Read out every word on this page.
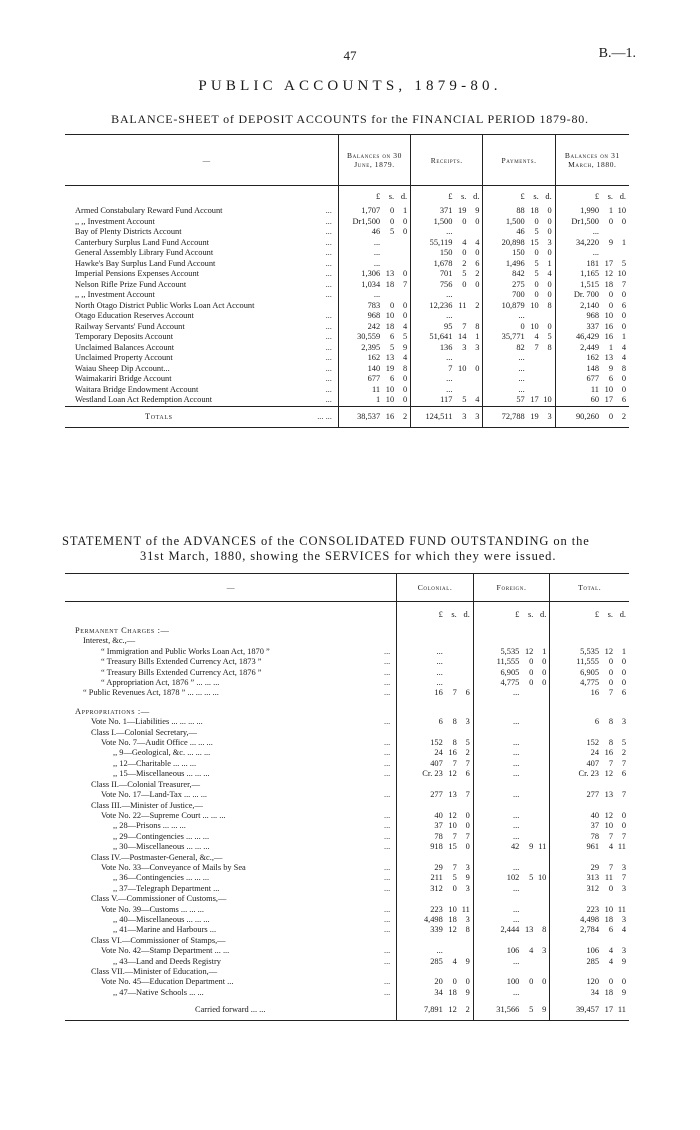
47	B.—1.
PUBLIC ACCOUNTS, 1879-80.
BALANCE-SHEET of DEPOSIT ACCOUNTS for the FINANCIAL PERIOD 1879-80.
—	Balances on 30 June, 1879.	Receipts.	Payments.	Balances on 31 March, 1880.

	£ s. d.	£ s. d.	£ s. d.	£ s. d.

Armed Constabulary Reward Fund Account ...	1,707 0 1	371 19 9	88 18 0	1,990 1 10

,, ,, Investment Account ...	Dr1,500 0 0	1,500 0 0	1,500 0 0	Dr1,500 0 0

Bay of Plenty Districts Account ...	46 5 0	...	46 5 0	...

Canterbury Surplus Land Fund Account ...	...	55,119 4 4	20,898 15 3	34,220 9 1

General Assembly Library Fund Account ...	...	150 0 0	150 0 0	...

Hawke's Bay Surplus Land Fund Account ...	...	1,678 2 6	1,496 5 1	181 17 5

Imperial Pensions Expenses Account ...	1,306 13 0	701 5 2	842 5 4	1,165 12 10

Nelson Rifle Prize Fund Account ...	1,034 18 7	756 0 0	275 0 0	1,515 18 7

,, ,, Investment Account ...	...	...	700 0 0	Dr. 700 0 0

North Otago District Public Works Loan Act Account	783 0 0	12,236 11 2	10,879 10 8	2,140 0 6

Otago Education Reserves Account ...	968 10 0	...	...	968 10 0

Railway Servants' Fund Account ...	242 18 4	95 7 8	0 10 0	337 16 0

Temporary Deposits Account ...	30,559 6 5	51,641 14 1	35,771 4 5	46,429 16 1

Unclaimed Balances Account ...	2,395 5 9	136 3 3	82 7 8	2,449 1 4

Unclaimed Property Account ...	162 13 4	...	...	162 13 4

Waiau Sheep Dip Account... ...	140 19 8	7 10 0	...	148 9 8

Waimakariri Bridge Account ...	677 6 0	...	...	677 6 0

Waitara Bridge Endowment Account ...	11 10 0	...	...	11 10 0

Westland Loan Act Redemption Account ...	1 10 0	117 5 4	57 17 10	60 17 6

Totals ... ...	38,537 16 2	124,511 3 3	72,788 19 3	90,260 0 2
STATEMENT of the ADVANCES of the CONSOLIDATED FUND OUTSTANDING on the
31st March, 1880, showing the SERVICES for which they were issued.
—	Colonial.	Foreign.	Total.

	£ s. d.	£ s. d.	£ s. d.

Permanent Charges :—			

Interest, &c.,—			

“ Immigration and Public Works Loan Act, 1870 ” ...	...	5,535 12 1	5,535 12 1

“ Treasury Bills Extended Currency Act, 1873 ” ...	...	11,555 0 0	11,555 0 0

“ Treasury Bills Extended Currency Act, 1876 ” ...	...	6,905 0 0	6,905 0 0

“ Appropriation Act, 1876 ” ... ... ... ...	...	4,775 0 0	4,775 0 0

“ Public Revenues Act, 1878 ” ... ... ... ... ...	16 7 6	...	16 7 6

Appropriations :—			

Vote No. 1—Liabilities ... ... ... ... ...	6 8 3	...	6 8 3

Class I.—Colonial Secretary,—			

Vote No. 7—Audit Office ... ... ... ...	152 8 5	...	152 8 5

,, 9—Geological, &c. ... ... ... ...	24 16 2	...	24 16 2

,, 12—Charitable ... ... ... ...	407 7 7	...	407 7 7

,, 15—Miscellaneous ... ... ... ...	Cr. 23 12 6	...	Cr. 23 12 6

Class II.—Colonial Treasurer,—			

Vote No. 17—Land-Tax ... ... ... ...	277 13 7	...	277 13 7

Class III.—Minister of Justice,—			

Vote No. 22—Supreme Court ... ... ... ...	40 12 0	...	40 12 0

,, 28—Prisons ... ... ... ...	37 10 0	...	37 10 0

,, 29—Contingencies ... ... ... ...	78 7 7	...	78 7 7

,, 30—Miscellaneous ... ... ... ...	918 15 0	42 9 11	961 4 11

Class IV.—Postmaster-General, &c.,—			

Vote No. 33—Conveyance of Mails by Sea ...	29 7 3	...	29 7 3

,, 36—Contingencies ... ... ... ...	211 5 9	102 5 10	313 11 7

,, 37—Telegraph Department ... ...	312 0 3	...	312 0 3

Class V.—Commissioner of Customs,—			

Vote No. 39—Customs ... ... ... ...	223 10 11	...	223 10 11

,, 40—Miscellaneous ... ... ... ...	4,498 18 3	...	4,498 18 3

,, 41—Marine and Harbours ... ...	339 12 8	2,444 13 8	2,784 6 4

Class VI.—Commissioner of Stamps,—			

Vote No. 42—Stamp Department ... ... ...	...	106 4 3	106 4 3

,, 43—Land and Deeds Registry ...	285 4 9	...	285 4 9

Class VII.—Minister of Education,—			

Vote No. 45—Education Department ... ...	20 0 0	100 0 0	120 0 0

,, 47—Native Schools ... ... ...	34 18 9	...	34 18 9

Carried forward ... ...	7,891 12 2	31,566 5 9	39,457 17 11
